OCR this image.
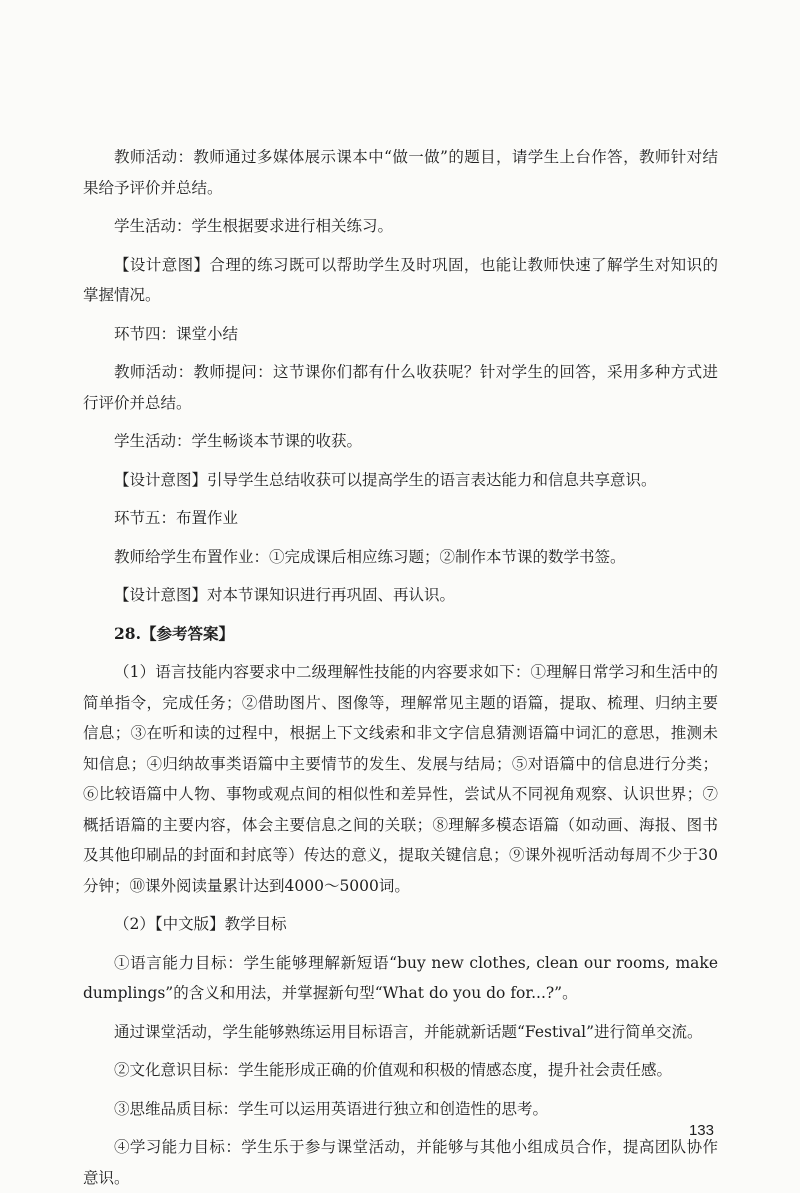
教师活动：教师通过多媒体展示课本中“做一做”的题目，请学生上台作答，教师针对结果给予评价并总结。

学生活动：学生根据要求进行相关练习。

【设计意图】合理的练习既可以帮助学生及时巩固，也能让教师快速了解学生对知识的掌握情况。

环节四：课堂小结

教师活动：教师提问：这节课你们都有什么收获呢？针对学生的回答，采用多种方式进行评价并总结。

学生活动：学生畅谈本节课的收获。

【设计意图】引导学生总结收获可以提高学生的语言表达能力和信息共享意识。

环节五：布置作业

教师给学生布置作业：①完成课后相应练习题；②制作本节课的数学书签。

【设计意图】对本节课知识进行再巩固、再认识。

28.【参考答案】

（1）语言技能内容要求中二级理解性技能的内容要求如下：①理解日常学习和生活中的简单指令，完成任务；②借助图片、图像等，理解常见主题的语篇，提取、梳理、归纳主要信息；③在听和读的过程中，根据上下文线索和非文字信息猜测语篇中词汇的意思，推测未知信息；④归纳故事类语篇中主要情节的发生、发展与结局；⑤对语篇中的信息进行分类；⑥比较语篇中人物、事物或观点间的相似性和差异性，尝试从不同视角观察、认识世界；⑦概括语篇的主要内容，体会主要信息之间的关联；⑧理解多模态语篇（如动画、海报、图书及其他印刷品的封面和封底等）传达的意义，提取关键信息；⑨课外视听活动每周不少于30分钟；⑩课外阅读量累计达到4000～5000词。

（2）【中文版】教学目标

①语言能力目标：学生能够理解新短语“buy new clothes, clean our rooms, make dumplings”的含义和用法，并掌握新句型“What do you do for...?”。

通过课堂活动，学生能够熟练运用目标语言，并能就新话题“Festival”进行简单交流。

②文化意识目标：学生能形成正确的价值观和积极的情感态度，提升社会责任感。

③思维品质目标：学生可以运用英语进行独立和创造性的思考。

④学习能力目标：学生乐于参与课堂活动，并能够与其他小组成员合作，提高团队协作意识。

133
